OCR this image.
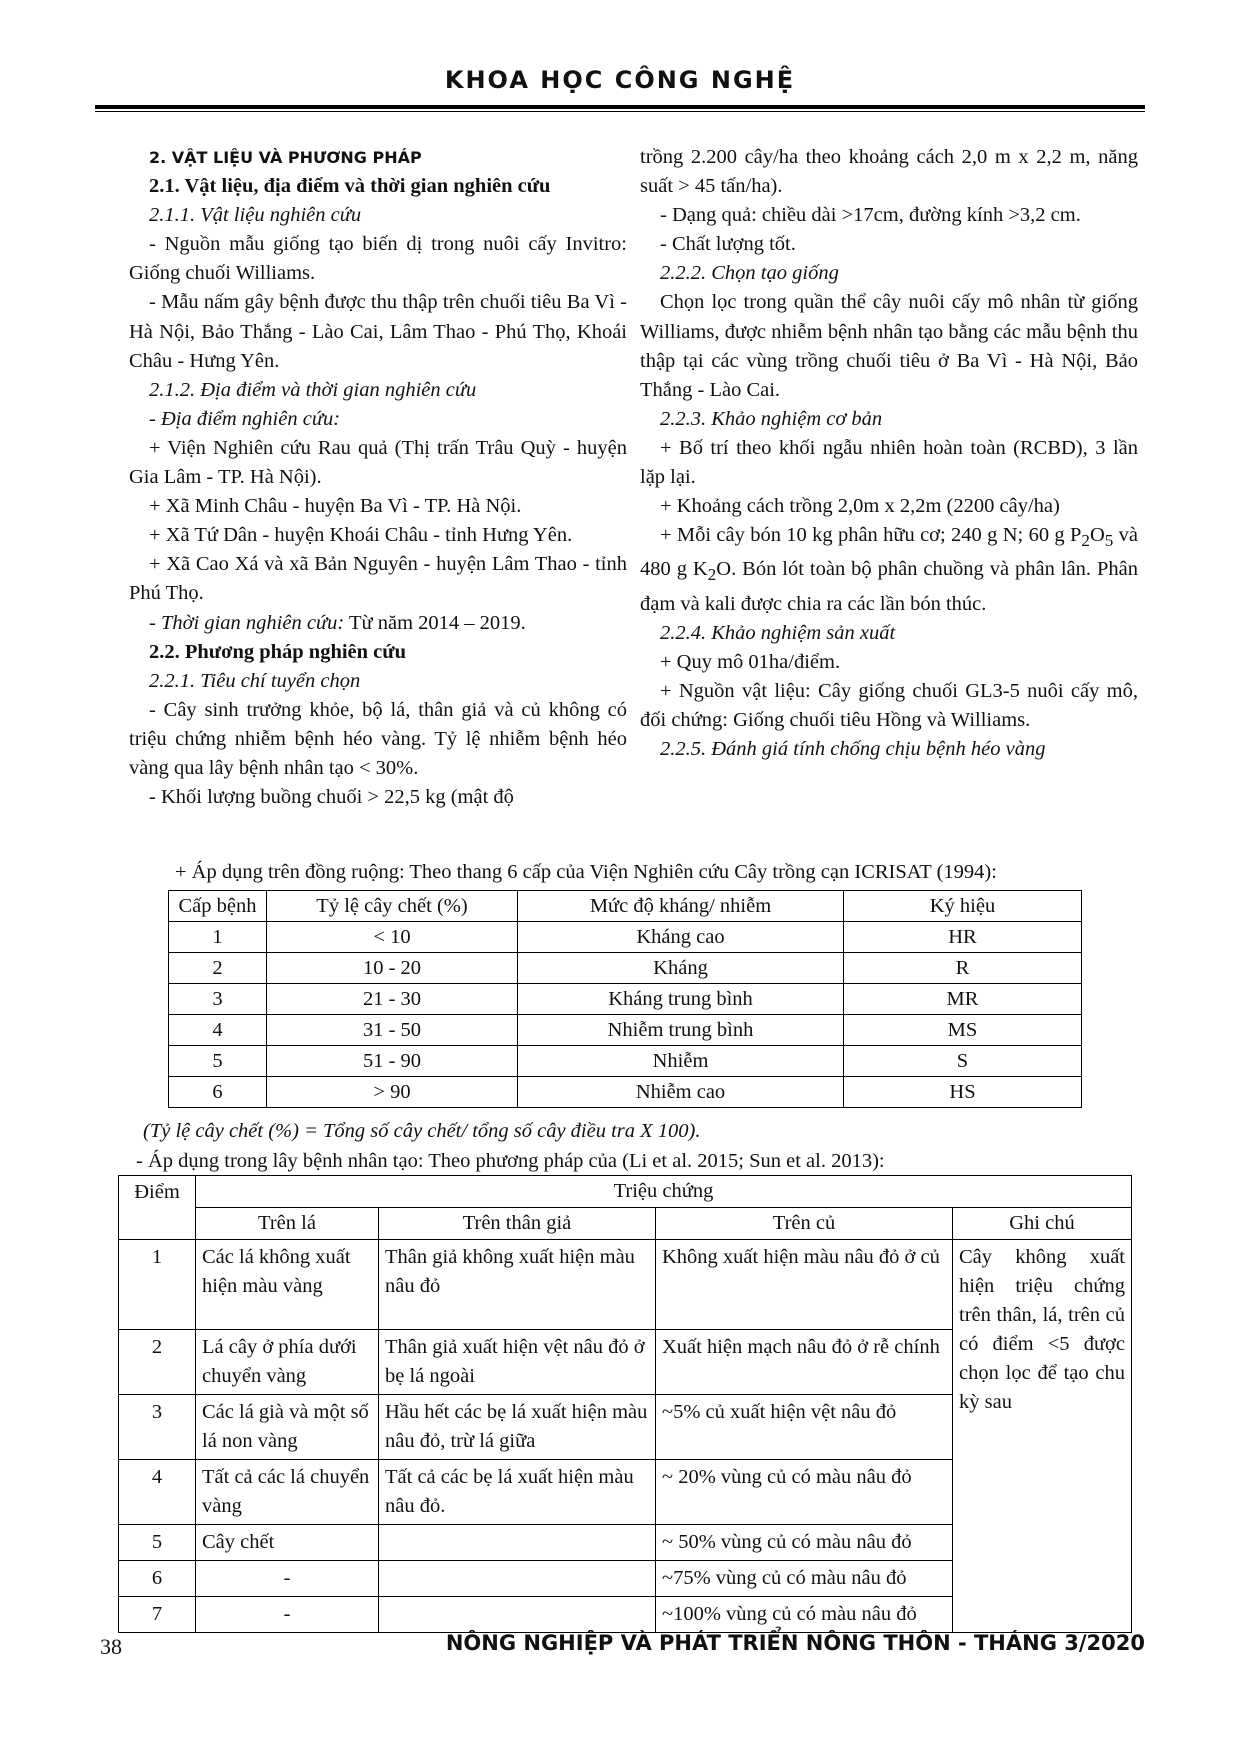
KHOA HỌC CÔNG NGHỆ

2. VẬT LIỆU VÀ PHƯƠNG PHÁP

2.1. Vật liệu, địa điểm và thời gian nghiên cứu

2.1.1. Vật liệu nghiên cứu

- Nguồn mẫu giống tạo biến dị trong nuôi cấy Invitro: Giống chuối Williams.

- Mẫu nấm gây bệnh được thu thập trên chuối tiêu Ba Vì - Hà Nội, Bảo Thắng - Lào Cai, Lâm Thao - Phú Thọ, Khoái Châu - Hưng Yên.

2.1.2. Địa điểm và thời gian nghiên cứu

- Địa điểm nghiên cứu:

+ Viện Nghiên cứu Rau quả (Thị trấn Trâu Quỳ - huyện Gia Lâm - TP. Hà Nội).

+ Xã Minh Châu - huyện Ba Vì - TP. Hà Nội.

+ Xã Tứ Dân - huyện Khoái Châu - tỉnh Hưng Yên.

+ Xã Cao Xá và xã Bản Nguyên - huyện Lâm Thao - tỉnh Phú Thọ.

- Thời gian nghiên cứu: Từ năm 2014 – 2019.

2.2. Phương pháp nghiên cứu

2.2.1. Tiêu chí tuyển chọn

- Cây sinh trưởng khỏe, bộ lá, thân giả và củ không có triệu chứng nhiễm bệnh héo vàng. Tỷ lệ nhiễm bệnh héo vàng qua lây bệnh nhân tạo < 30%.

- Khối lượng buồng chuối > 22,5 kg (mật độ

trồng 2.200 cây/ha theo khoảng cách 2,0 m x 2,2 m, năng suất > 45 tấn/ha).

- Dạng quả: chiều dài >17cm, đường kính >3,2 cm.

- Chất lượng tốt.

2.2.2. Chọn tạo giống

Chọn lọc trong quần thể cây nuôi cấy mô nhân từ giống Williams, được nhiễm bệnh nhân tạo bằng các mẫu bệnh thu thập tại các vùng trồng chuối tiêu ở Ba Vì - Hà Nội, Bảo Thắng - Lào Cai.

2.2.3. Khảo nghiệm cơ bản

+ Bố trí theo khối ngẫu nhiên hoàn toàn (RCBD), 3 lần lặp lại.

+ Khoảng cách trồng 2,0m x 2,2m (2200 cây/ha)

+ Mỗi cây bón 10 kg phân hữu cơ; 240 g N; 60 g $P_2O_5$ và 480 g $K_2O$. Bón lót toàn bộ phân chuồng và phân lân. Phân đạm và kali được chia ra các lần bón thúc.

2.2.4. Khảo nghiệm sản xuất

+ Quy mô 01ha/điểm.

+ Nguồn vật liệu: Cây giống chuối GL3-5 nuôi cấy mô, đối chứng: Giống chuối tiêu Hồng và Williams.

2.2.5. Đánh giá tính chống chịu bệnh héo vàng

+ Áp dụng trên đồng ruộng: Theo thang 6 cấp của Viện Nghiên cứu Cây trồng cạn ICRISAT (1994):
Cấp bệnh	Tỷ lệ cây chết (%)	Mức độ kháng/ nhiễm	Ký hiệu
1	< 10	Kháng cao	HR
2	10 - 20	Kháng	R
3	21 - 30	Kháng trung bình	MR
4	31 - 50	Nhiễm trung bình	MS
5	51 - 90	Nhiễm	S
6	> 90	Nhiễm cao	HS
(Tỷ lệ cây chết (%) = Tổng số cây chết/ tổng số cây điều tra X 100).
- Áp dụng trong lây bệnh nhân tạo: Theo phương pháp của (Li et al. 2015; Sun et al. 2013):
Điểm	Triệu chứng			
	Trên lá	Trên thân giả	Trên củ	Ghi chú
1	Các lá không xuất hiện màu vàng	Thân giả không xuất hiện màu nâu đỏ	Không xuất hiện màu nâu đỏ ở củ	Cây không xuất hiện triệu chứng trên thân, lá, trên củ có điểm <5 được chọn lọc để tạo chu kỳ sau
2	Lá cây ở phía dưới chuyển vàng	Thân giả xuất hiện vệt nâu đỏ ở bẹ lá ngoài	Xuất hiện mạch nâu đỏ ở rễ chính	
3	Các lá già và một số lá non vàng	Hầu hết các bẹ lá xuất hiện màu nâu đỏ, trừ lá giữa	~5% củ xuất hiện vệt nâu đỏ	
4	Tất cả các lá chuyển vàng	Tất cả các bẹ lá xuất hiện màu nâu đỏ.	~ 20% vùng củ có màu nâu đỏ	
5	Cây chết		~ 50% vùng củ có màu nâu đỏ	
6	-		~75% vùng củ có màu nâu đỏ	
7	-		~100% vùng củ có màu nâu đỏ	
38	NÔNG NGHIỆP VÀ PHÁT TRIỂN NÔNG THÔN - THÁNG 3/2020
